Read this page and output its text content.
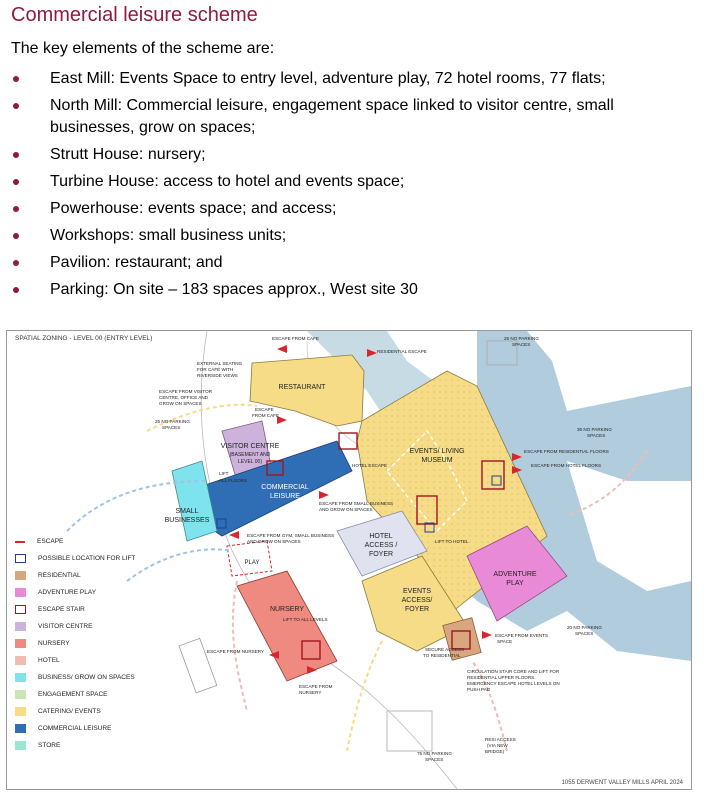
Commercial leisure scheme
The key elements of the scheme are:
East Mill: Events Space to entry level, adventure play, 72 hotel rooms, 77 flats;
North Mill: Commercial leisure, engagement space linked to visitor centre, small businesses, grow on spaces;
Strutt House: nursery;
Turbine House: access to hotel and events space;
Powerhouse: events space; and access;
Workshops: small business units;
Pavilion: restaurant; and
Parking: On site – 183 spaces approx., West site 30
SPATIAL ZONING - LEVEL 00 (ENTRY LEVEL)
RESTAURANT
EVENTS/ LIVING
MUSEUM
VISITOR CENTRE
(BASEMENT AND
LEVEL 00)
COMMERCIAL
LEISURE
SMALL
BUSINESSES
HOTEL
ACCESS /
FOYER
EVENTS
ACCESS/
FOYER
ADVENTURE
PLAY
NURSERY
PLAY
ESCAPE FROM CAFE
RESIDENTIAL ESCAPE
26 NO PARKING
SPACES
EXTERNAL SEATING
FOR CAFÉ WITH
RIVERSIDE VIEWS
ESCAPE FROM VISITOR
CENTRE, OFFICE AND
GROW ON SPACES
ESCAPE
FROM CAFE
26 NO PARKING
SPACES	36 NO PARKING
SPACES
ESCAPE FROM RESIDENTIAL FLOORS
ESCAPE FROM HOTEL FLOORS
HOTEL ESCAPE
LIFT
ALL FLOORS
ESCAPE FROM SMALL BUSINESS
AND GROW ON SPACES
ESCAPE FROM GYM, SMALL BUSINESS
AND GROW ON SPACES	LIFT TO HOTEL
LIFT TO ALL LEVELS
ESCAPE FROM NURSERY
ESCAPE FROM
NURSERY
SECURE ACCESS
TO RESIDENTIAL
ESCAPE FROM EVENTS
SPACE
20 NO PARKING
SPACES
CIRCULATION STAIR CORE AND LIFT FOR
RESIDENTIAL UPPER FLOORS.
EMERGENCY ESCAPE HOTEL LEVELS ON
PUSH PAD
75 NO PARKING
SPACES
RESI ACCESS
(VIA NEW
BRIDGE)
ESCAPE
POSSIBLE LOCATION FOR LIFT
RESIDENTIAL
ADVENTURE PLAY
ESCAPE STAIR
VISITOR CENTRE
NURSERY
HOTEL
BUSINESS/ GROW ON SPACES
ENGAGEMENT SPACE
CATERING/ EVENTS
COMMERCIAL LEISURE
STORE
1055 DERWENT VALLEY MILLS APRIL 2024
